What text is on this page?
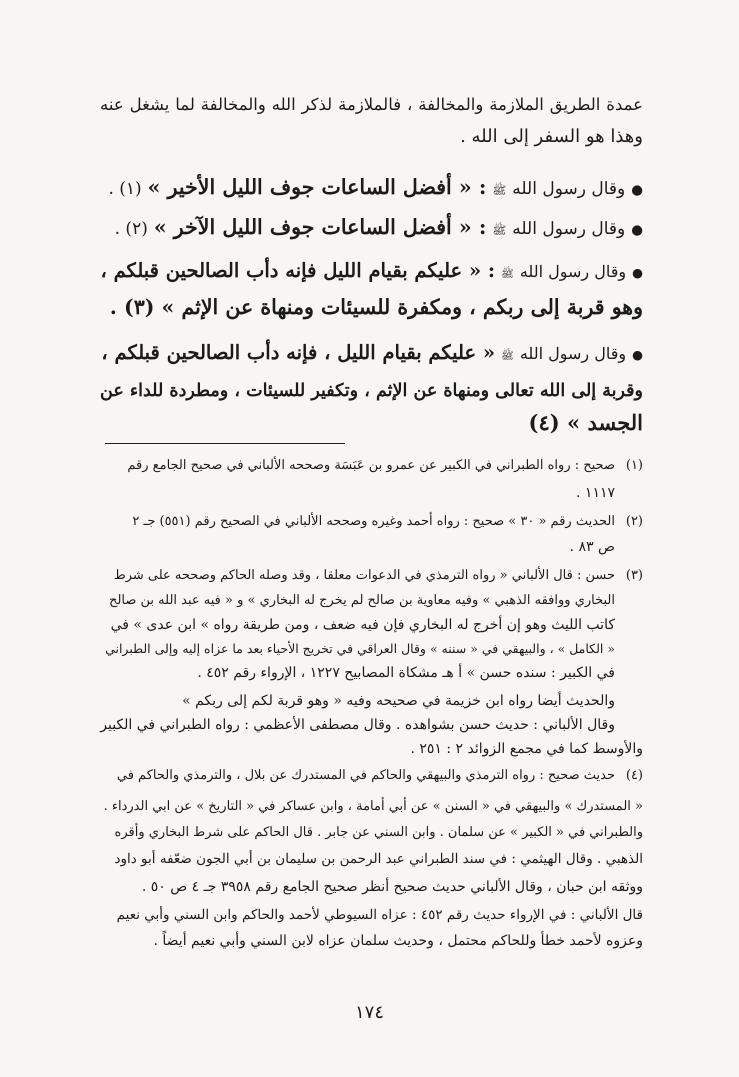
عمدة الطريق الملازمة والمخالفة ، فالملازمة لذكر الله والمخالفة لما يشغل عنه
وهذا هو السفر إلى الله .
●
وقال رسول الله
ﷺ
: « أفضل الساعات جوف الليل الأخير »
(١) .
●
وقال رسول الله
ﷺ
: « أفضل الساعات جوف الليل الآخر »
(٢) .
●
وقال رسول الله
ﷺ
: « عليكم بقيام الليل فإنه دأب الصالحين قبلكم ،
وهو قربة إلى ربكم ، ومكفرة للسيئات ومنهاة عن الإثم » (٣) .
●
وقال رسول الله
ﷺ
« عليكم بقيام الليل ، فإنه دأب الصالحين قبلكم ،
وقربة إلى الله تعالى ومنهاة عن الإثم ، وتكفير للسيئات ، ومطردة للداء عن
الجسد » (٤)
(١)صحيح : رواه الطبراني في الكبير عن عمرو بن عَبَسَة وصححه الألباني في صحيح الجامع رقم
١١١٧ .
(٢)الحديث رقم « ٣٠ » صحيح : رواه أحمد وغيره وصححه الألباني في الصحيح رقم (٥٥١) جـ ٢
ص ٨٣ .
(٣)حسن : قال الألباني « رواه الترمذي في الدعوات معلقا ، وقد وصله الحاكم وصححه على شرط
البخاري ووافقه الذهبي » وفيه معاوية بن صالح لم يخرج له البخاري » و « فيه عبد الله بن صالح
كاتب الليث وهو إن أخرج له البخاري فإن فيه ضعف ، ومن طريقة رواه » ابن عدى » في
« الكامل » ، والبيهقي في « سننه » وقال العراقي في تخريج الأحياء بعد ما عزاه إليه وإلى الطبراني
في الكبير : سنده حسن » أ هـ مشكاة المصابيح ١٢٢٧ ، الإرواء رقم ٤٥٢ .
والحديث أيضا رواه ابن خزيمة في صحيحه وفيه « وهو قربة لكم إلى ربكم »
وقال الألباني : حديث حسن بشواهده . وقال مصطفى الأعظمي : رواه الطبراني في الكبير
والأوسط كما في مجمع الزوائد ٢ : ٢٥١ .
(٤)حديث صحيح : رواه الترمذي والبيهقي والحاكم في المستدرك عن بلال ، والترمذي والحاكم في
« المستدرك » والبيهقي في « السنن » عن أبي أمامة ، وابن عساكر في « التاريخ » عن ابي الدرداء .
والطبراني في « الكبير » عن سلمان . وابن السني عن جابر . قال الحاكم على شرط البخاري وأقره
الذهبي . وقال الهيثمي : في سند الطبراني عبد الرحمن بن سليمان بن أبي الجون ضعّفه أبو داود
ووثقه ابن حبان ، وقال الألباني حديث صحيح أنظر صحيح الجامع رقم ٣٩٥٨ جـ ٤ ص ٥٠ .
قال الألباني : في الإرواء حديث رقم ٤٥٢ : عزاه السيوطي لأحمد والحاكم وابن السني وأبي نعيم
وعزوه لأحمد خطأ وللحاكم محتمل ، وحديث سلمان عزاه لابن السني وأبي نعيم أيضاً .
١٧٤
